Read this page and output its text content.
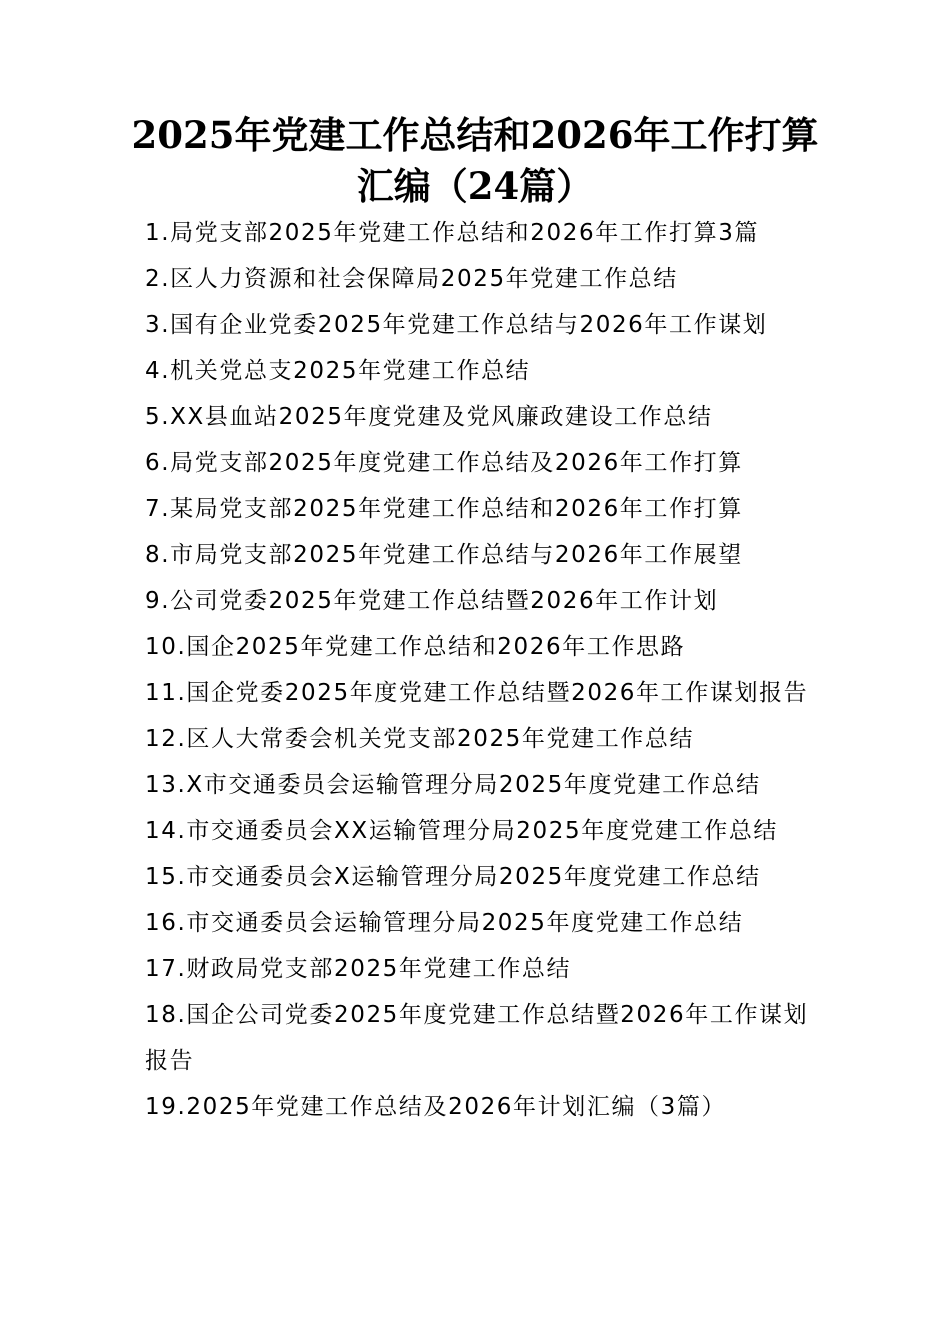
2025年党建工作总结和2026年工作打算汇编（24篇）
1.局党支部2025年党建工作总结和2026年工作打算3篇
2.区人力资源和社会保障局2025年党建工作总结
3.国有企业党委2025年党建工作总结与2026年工作谋划
4.机关党总支2025年党建工作总结
5.XX县血站2025年度党建及党风廉政建设工作总结
6.局党支部2025年度党建工作总结及2026年工作打算
7.某局党支部2025年党建工作总结和2026年工作打算
8.市局党支部2025年党建工作总结与2026年工作展望
9.公司党委2025年党建工作总结暨2026年工作计划
10.国企2025年党建工作总结和2026年工作思路
11.国企党委2025年度党建工作总结暨2026年工作谋划报告
12.区人大常委会机关党支部2025年党建工作总结
13.X市交通委员会运输管理分局2025年度党建工作总结
14.市交通委员会XX运输管理分局2025年度党建工作总结
15.市交通委员会X运输管理分局2025年度党建工作总结
16.市交通委员会运输管理分局2025年度党建工作总结
17.财政局党支部2025年党建工作总结
18.国企公司党委2025年度党建工作总结暨2026年工作谋划报告
19.2025年党建工作总结及2026年计划汇编（3篇）
